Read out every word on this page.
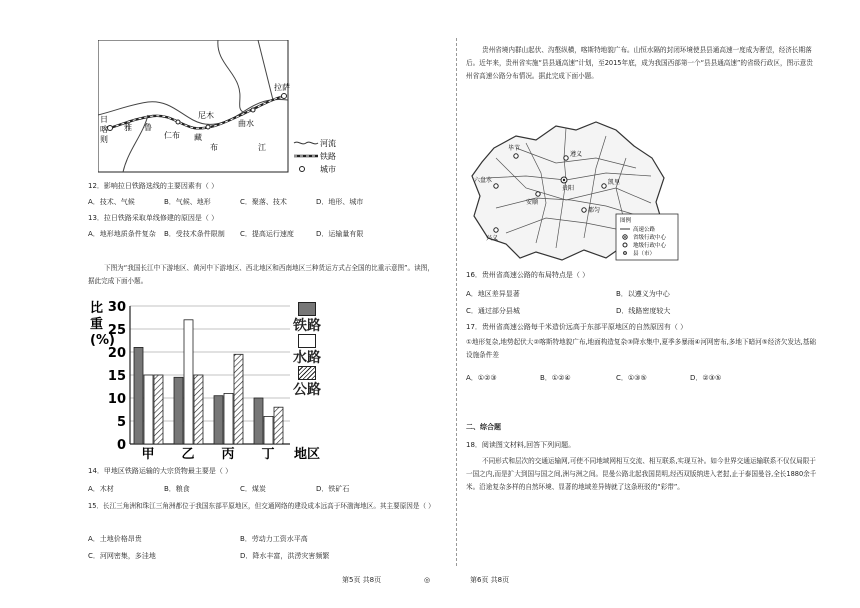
拉萨
尼木
曲水
仁布 藏
布	江
雅 鲁
日
喀
则	河流
铁路
城市
12．影响拉日铁路选线的主要因素有（ ）
A．技术、气候	B．气候、地形	C．聚落、技术	D．地形、城市
13．拉日铁路采取单线修建的原因是（ ）
A．地形地质条件复杂 B．受技术条件限制 C．提高运行速度	D．运输量有限
下图为“我国长江中下游地区、黄河中下游地区、西北地区和西南地区三种货运方式占全国的比重示意图”。读图，据此完成下面小题。
0
5
10
15
20
25
30
比
重
(%)
甲 乙 丙 丁 地区
铁路
水路
公路
14．甲地区铁路运输的大宗货物最主要是（ ）
A．木材	B．粮食	C．煤炭	D．铁矿石
15．长江三角洲和珠江三角洲都位于我国东部平原地区，但交通网络的建设成本远高于环渤海地区。其主要原因是（ ）
A．土地价格昂贵	B．劳动力工资水平高
C．河网密集，多洼地	D．降水丰富，洪涝灾害频繁
贵州省境内群山起伏、沟壑纵横，喀斯特地貌广布。山恒水隔的封闭环境使县县通高速一度成为奢望，经济长期落后。近年来，贵州省实施“县县通高速”计划，至2015年底，成为我国西部第一个“县县通高速”的省级行政区，图示意贵州省高速公路分布情况。据此完成下面小题。
毕节
遵义
六盘水
安顺
贵阳
凯里
都匀
兴义
图例
高速公路
省级行政中心
地级行政中心
县（市）
16．贵州省高速公路的布局特点是（ ）
A．地区差异显著	B．以遵义为中心
C．通过部分县城	D．线路密度较大
17．贵州省高速公路每千米造价远高于东部平原地区的自然原因有（ ）
①地形复杂,地势起伏大②喀斯特地貌广布,地面构造复杂③降水集中,夏季多暴雨④河网密布,多地下暗河⑤经济欠发达,基础设施条件差
A．①②③	B．①②④	C．①③⑤	D．②③⑤
二、综合题
18．阅读图文材料,回答下列问题。
不同形式和层次的交通运输网,可使不同地域网相互交流、相互联系,实现互补。如今世界交通运输联系不仅仅局限于一国之内,而是扩大到国与国之间,洲与洲之间。昆曼公路北起我国昆明,经西双版纳进入老挝,止于泰国曼谷,全长1880余千米。沿途复杂多样的自然环境、显著的地域差异铸就了这条班驳的“彩带”。
第5页 共8页	◎	第6页 共8页
